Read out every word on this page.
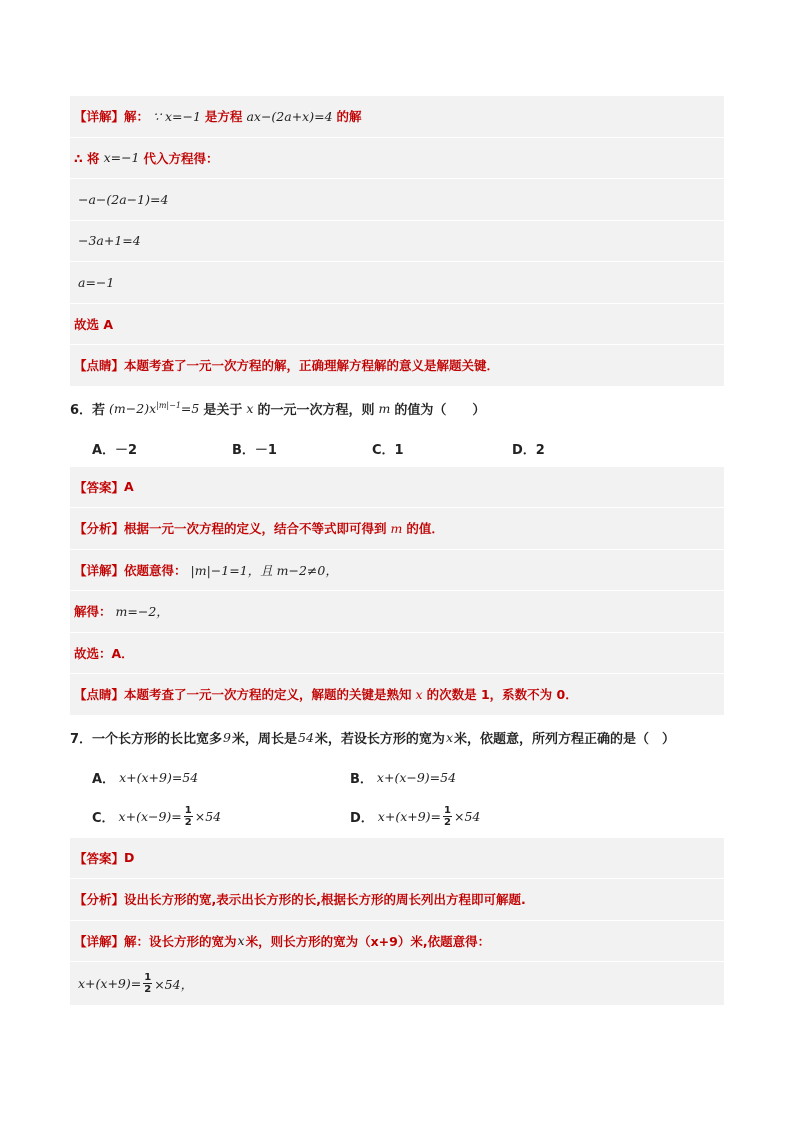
【详解】 解： ∵ x=−1 是方程 ax−(2a+x)=4 的解
∴ 将 x=−1 代入方程得：
−a−(2a−1)=4
−3a+1=4
a=−1
故选 A
【点睛】 本题考查了一元一次方程的解，正确理解方程解的意义是解题关键．
6．若 $(m-2)x^{|m|-1}=5$ 是关于 x 的一元一次方程，则 m 的值为（　　）
A．－2	B．－1	C．1	D．2
【答案】 A
【分析】 根据一元一次方程的定义，结合不等式即可得到 m 的值．
【详解】 依题意得： |m|−1=1，且 m−2≠0，
解得： m=−2，
故选：A．
【点睛】 本题考查了一元一次方程的定义，解题的关键是熟知 x 的次数是 1，系数不为 0．
7．一个长方形的长比宽多 9 米，周长是 54 米，若设长方形的宽为 x 米，依题意，所列方程正确的是（　）
A． x+(x+9)=54	B． x+(x−9)=54
C． $x+(x-9)= \frac{1}{2} \times 54$	D． $x+(x+9)= \frac{1}{2} \times 54$
【答案】 D
【分析】 设出长方形的宽,表示出长方形的长,根据长方形的周长列出方程即可解题.
【详解】 解：设长方形的宽为 x 米，则长方形的宽为（x+9）米,依题意得：
$x+(x+9)= \frac{1}{2} \times 54$，
